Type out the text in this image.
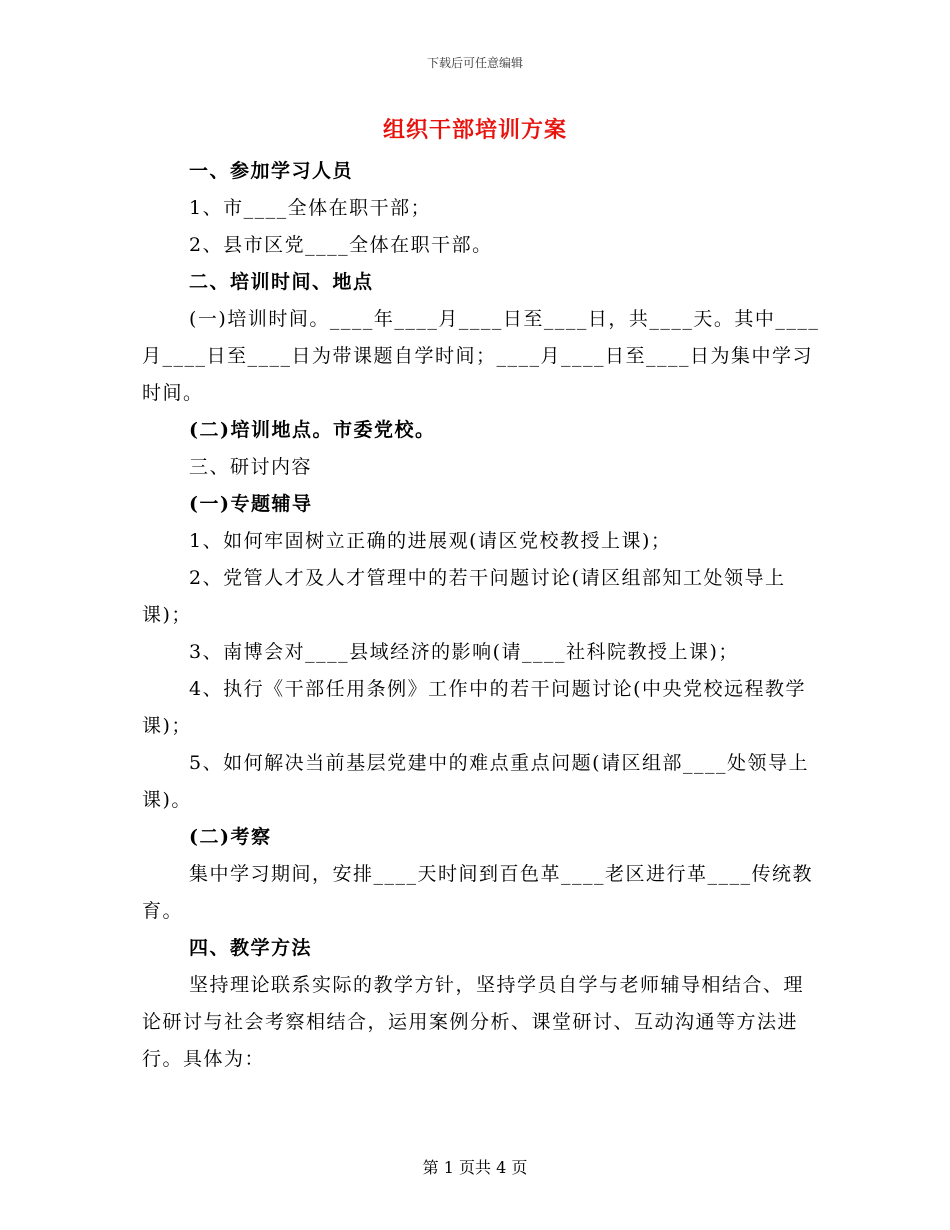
下载后可任意编辑
组织干部培训方案

一、参加学习人员

1、市____全体在职干部；

2、县市区党____全体在职干部。

二、培训时间、地点

(一)培训时间。____年____月____日至____日，共____天。其中____月____日至____日为带课题自学时间；____月____日至____日为集中学习时间。

(二)培训地点。市委党校。

三、研讨内容

(一)专题辅导

1、如何牢固树立正确的进展观(请区党校教授上课)；

2、党管人才及人才管理中的若干问题讨论(请区组部知工处领导上课)；

3、南博会对____县域经济的影响(请____社科院教授上课)；

4、执行《干部任用条例》工作中的若干问题讨论(中央党校远程教学课)；

5、如何解决当前基层党建中的难点重点问题(请区组部____处领导上课)。

(二)考察

集中学习期间，安排____天时间到百色革____老区进行革____传统教育。

四、教学方法

坚持理论联系实际的教学方针，坚持学员自学与老师辅导相结合、理论研讨与社会考察相结合，运用案例分析、课堂研讨、互动沟通等方法进行。具体为：

第 1 页共 4 页
